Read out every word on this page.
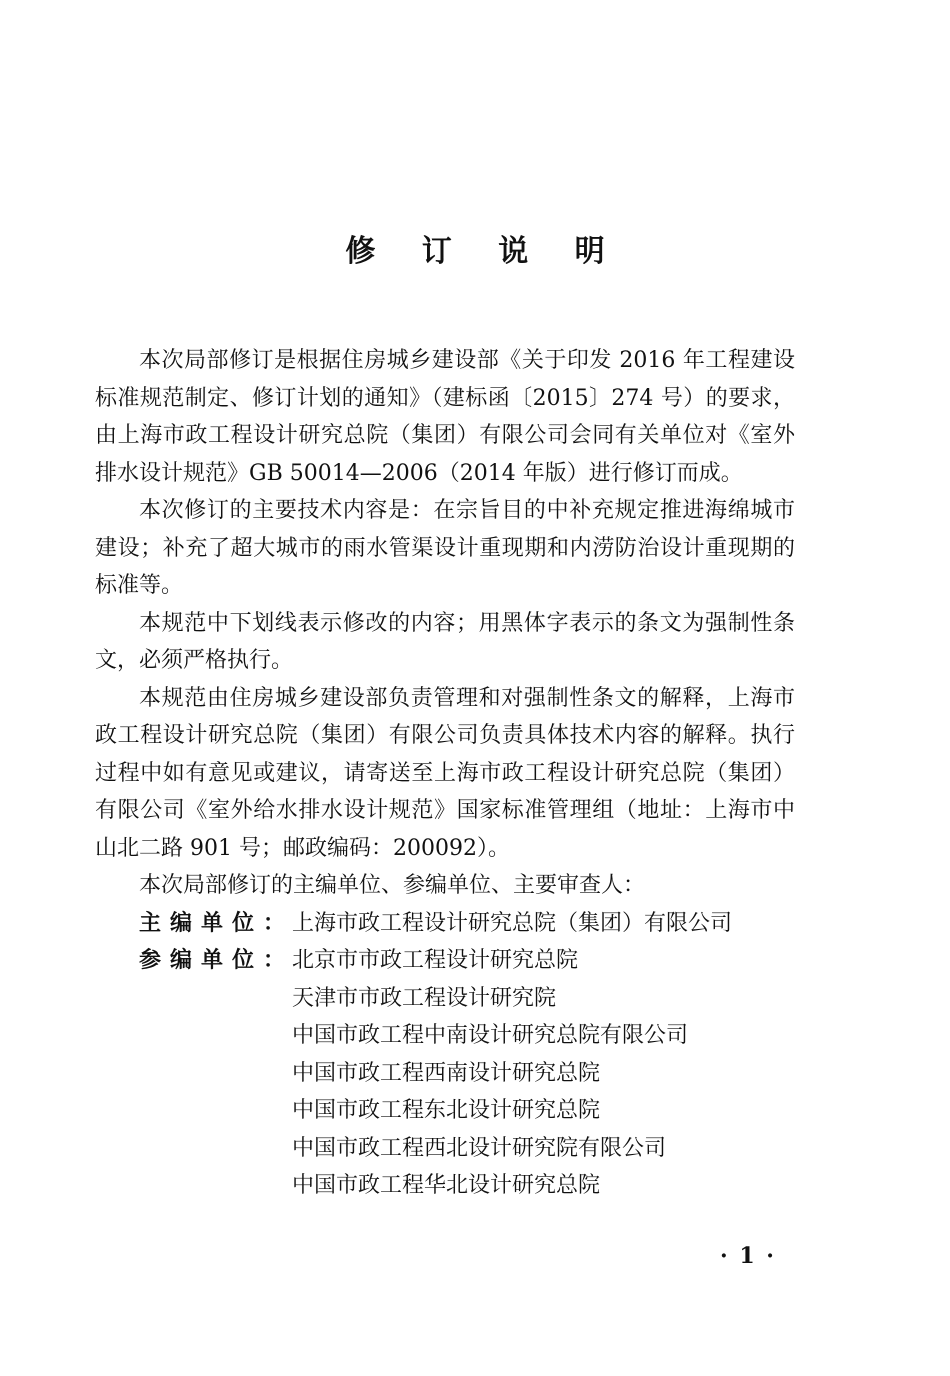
修 订 说 明

本次局部修订是根据住房城乡建设部《关于印发 2016 年工程建设标准规范制定、修订计划的通知》（建标函〔2015〕274 号）的要求，由上海市政工程设计研究总院（集团）有限公司会同有关单位对《室外排水设计规范》GB 50014—2006（2014 年版）进行修订而成。

本次修订的主要技术内容是：在宗旨目的中补充规定推进海绵城市建设；补充了超大城市的雨水管渠设计重现期和内涝防治设计重现期的标准等。

本规范中下划线表示修改的内容；用黑体字表示的条文为强制性条文，必须严格执行。

本规范由住房城乡建设部负责管理和对强制性条文的解释，上海市政工程设计研究总院（集团）有限公司负责具体技术内容的解释。执行过程中如有意见或建议，请寄送至上海市政工程设计研究总院（集团）有限公司《室外给水排水设计规范》国家标准管理组（地址：上海市中山北二路 901 号；邮政编码：200092）。

本次局部修订的主编单位、参编单位、主要审查人：

主编单位： 上海市政工程设计研究总院（集团）有限公司
参编单位： 北京市市政工程设计研究总院
天津市市政工程设计研究院
中国市政工程中南设计研究总院有限公司
中国市政工程西南设计研究总院
中国市政工程东北设计研究总院
中国市政工程西北设计研究院有限公司
中国市政工程华北设计研究总院
· 1 ·
